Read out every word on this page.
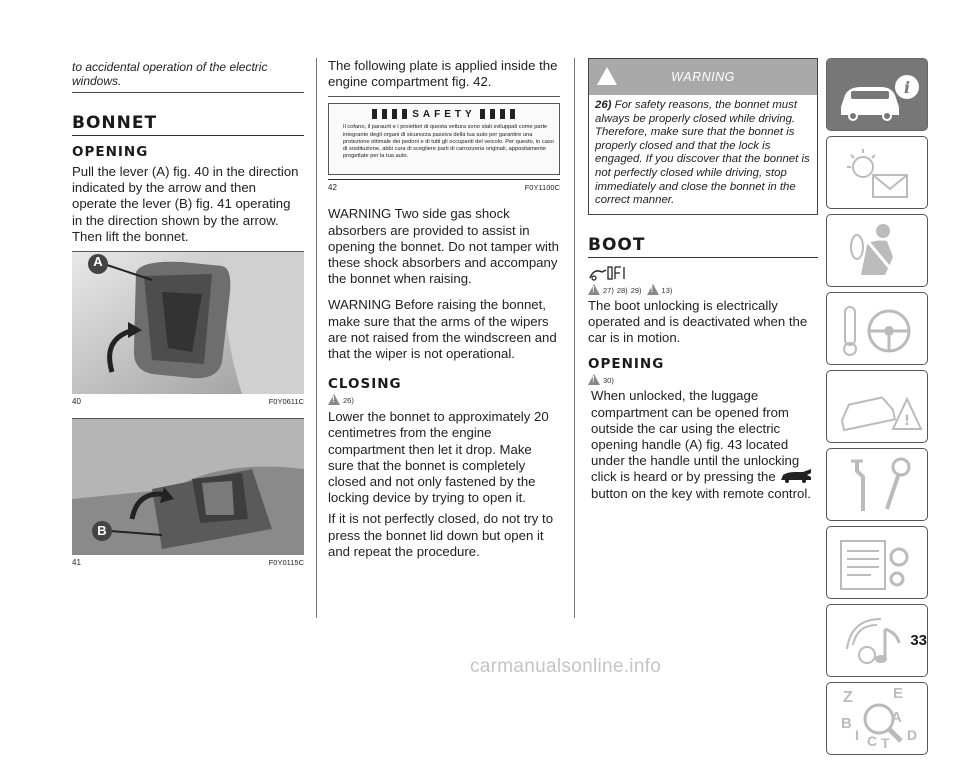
to accidental operation of the electric windows.
BONNET
OPENING
Pull the lever (A) fig. 40 in the direction indicated by the arrow and then operate the lever (B) fig. 41 operating in the direction shown by the arrow. Then lift the bonnet.
A
40	F0Y0611C
B
41	F0Y0115C
The following plate is applied inside the engine compartment fig. 42.
SAFETY
Il cofano, il paraurti e i proiettori di questa vettura sono stati sviluppati come parte integrante degli organi di sicurezza passiva della tua auto per garantire una protezione ottimale dei pedoni e di tutti gli occupanti del veicolo. Per questo, in caso di sostituzione, abbi cura di scegliere parti di carrozzeria originali, appositamente progettate per la tua auto.
42	F0Y1100C
WARNING Two side gas shock absorbers are provided to assist in opening the bonnet. Do not tamper with these shock absorbers and accompany the bonnet when raising.
WARNING Before raising the bonnet, make sure that the arms of the wipers are not raised from the windscreen and that the wiper is not operational.
CLOSING
!
26)
Lower the bonnet to approximately 20 centimetres from the engine compartment then let it drop. Make sure that the bonnet is completely closed and not only fastened by the locking device by trying to open it.
If it is not perfectly closed, do not try to press the bonnet lid down but open it and repeat the procedure.
WARNING
26) For safety reasons, the bonnet must always be properly closed while driving. Therefore, make sure that the bonnet is properly closed and that the lock is engaged. If you discover that the bonnet is not perfectly closed while driving, stop immediately and close the bonnet in the correct manner.
BOOT
!
27) 28) 29)
!	13)
The boot unlocking is electrically operated and is deactivated when the car is in motion.
OPENING
!
30)
When unlocked, the luggage compartment can be opened from outside the car using the electric opening handle (A) fig. 43 located under the handle until the unlocking click is heard or by pressing the  button on the key with remote control.
i
!
Z	E
B	A
I C T D
33
carmanualsonline.info
